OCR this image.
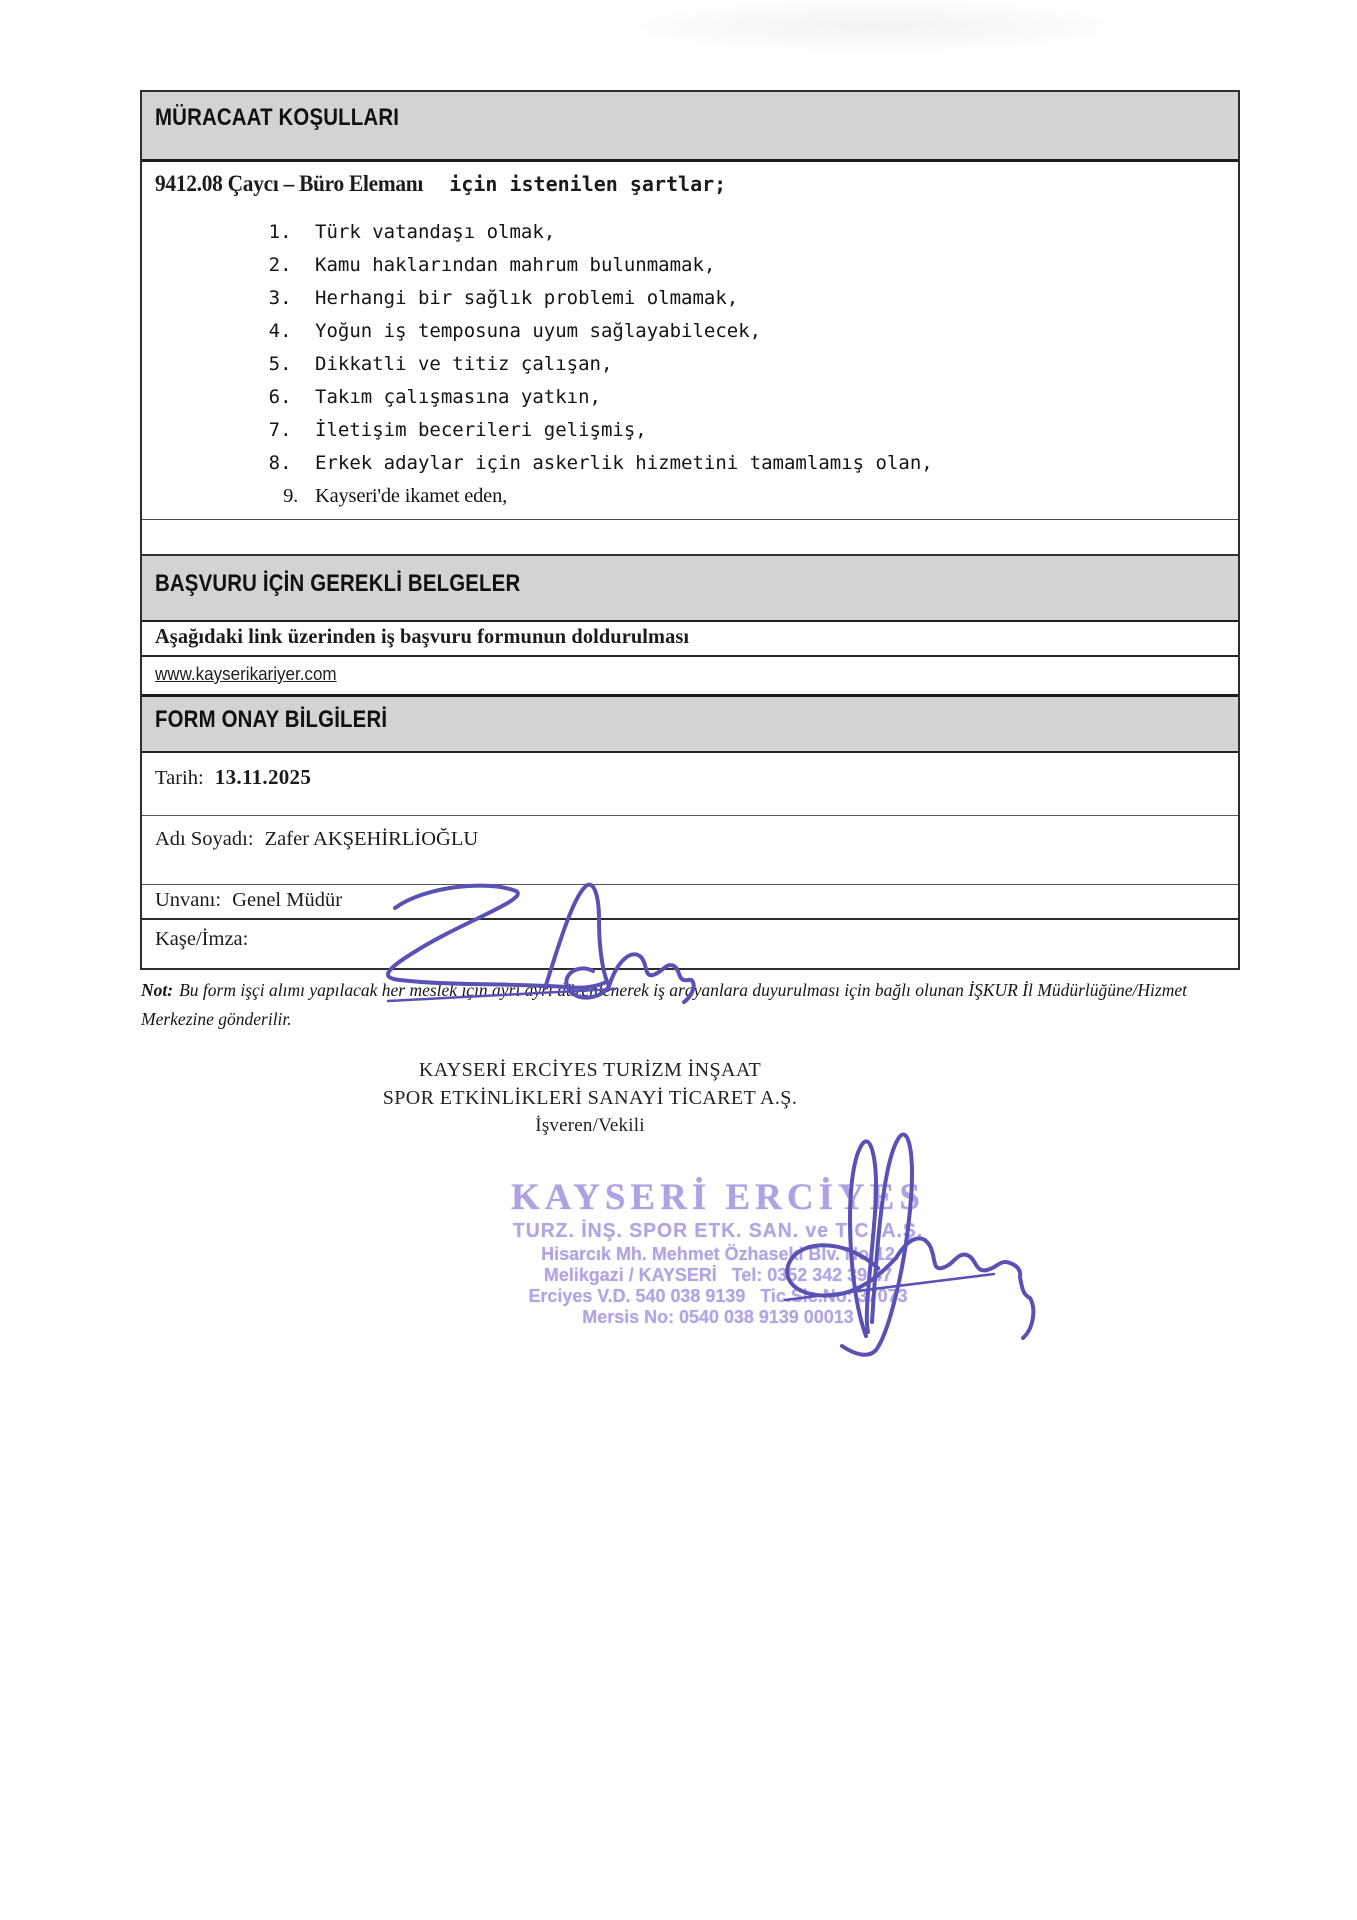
MÜRACAAT KOŞULLARI
9412.08 Çaycı – Büro Elemanı için istenilen şartlar;
1. Türk vatandaşı olmak,
2. Kamu haklarından mahrum bulunmamak,
3. Herhangi bir sağlık problemi olmamak,
4. Yoğun iş temposuna uyum sağlayabilecek,
5. Dikkatli ve titiz çalışan,
6. Takım çalışmasına yatkın,
7. İletişim becerileri gelişmiş,
8. Erkek adaylar için askerlik hizmetini tamamlamış olan,
9. Kayseri'de ikamet eden,
BAŞVURU İÇİN GEREKLİ BELGELER
Aşağıdaki link üzerinden iş başvuru formunun doldurulması
www.kayserikariyer.com
FORM ONAY BİLGİLERİ
Tarih: 13.11.2025
Adı Soyadı: Zafer AKŞEHİRLİOĞLU
Unvanı: Genel Müdür
Kaşe/İmza:
Not: Bu form işçi alımı yapılacak her meslek için ayrı ayrı düzenlenerek iş arayanlara duyurulması için bağlı olunan İŞKUR İl Müdürlüğüne/Hizmet Merkezine gönderilir.
KAYSERİ ERCİYES TURİZM İNŞAAT
SPOR ETKİNLİKLERİ SANAYİ TİCARET A.Ş.
İşveren/Vekili
KAYSERİ ERCİYES
TURZ. İNŞ. SPOR ETK. SAN. ve TİC. A.Ş.
Hisarcık Mh. Mehmet Özhaseki Blv. No:12
Melikgazi / KAYSERİ   Tel: 0352 342 39 47
Erciyes V.D. 540 038 9139   Tic.Sic.No: 37073
Mersis No: 0540 038 9139 00013
